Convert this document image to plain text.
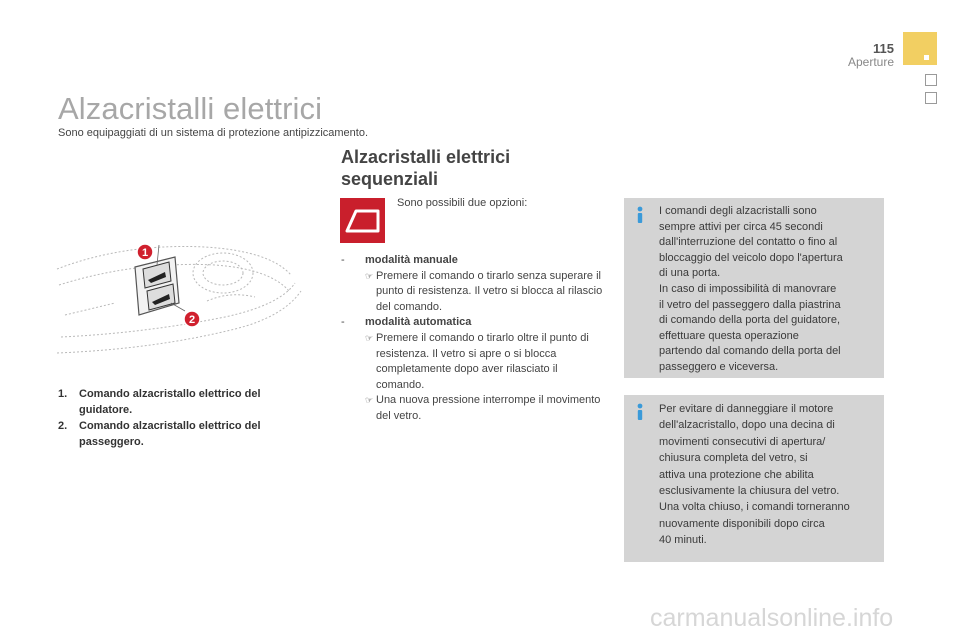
115
Aperture
Alzacristalli elettrici
Sono equipaggiati di un sistema di protezione antipizzicamento.
1
2
1.	Comando alzacristallo elettrico del guidatore.
2.	Comando alzacristallo elettrico del passeggero.
Alzacristalli elettrici
sequenziali
Sono possibili due opzioni:
-	modalità manuale
☞ Premere il comando o tirarlo senza superare il punto di resistenza. Il vetro si blocca al rilascio del comando.
-	modalità automatica
☞ Premere il comando o tirarlo oltre il punto di resistenza. Il vetro si apre o si blocca completamente dopo aver rilasciato il comando.
☞ Una nuova pressione interrompe il movimento del vetro.
I comandi degli alzacristalli sono
sempre attivi per circa 45 secondi
dall'interruzione del contatto o fino al
bloccaggio del veicolo dopo l'apertura
di una porta.
In caso di impossibilità di manovrare
il vetro del passeggero dalla piastrina
di comando della porta del guidatore,
effettuare questa operazione
partendo dal comando della porta del
passeggero e viceversa.
Per evitare di danneggiare il motore
dell'alzacristallo, dopo una decina di
movimenti consecutivi di apertura/
chiusura completa del vetro, si
attiva una protezione che abilita
esclusivamente la chiusura del vetro.
Una volta chiuso, i comandi torneranno
nuovamente disponibili dopo circa
40 minuti.
carmanualsonline.info
